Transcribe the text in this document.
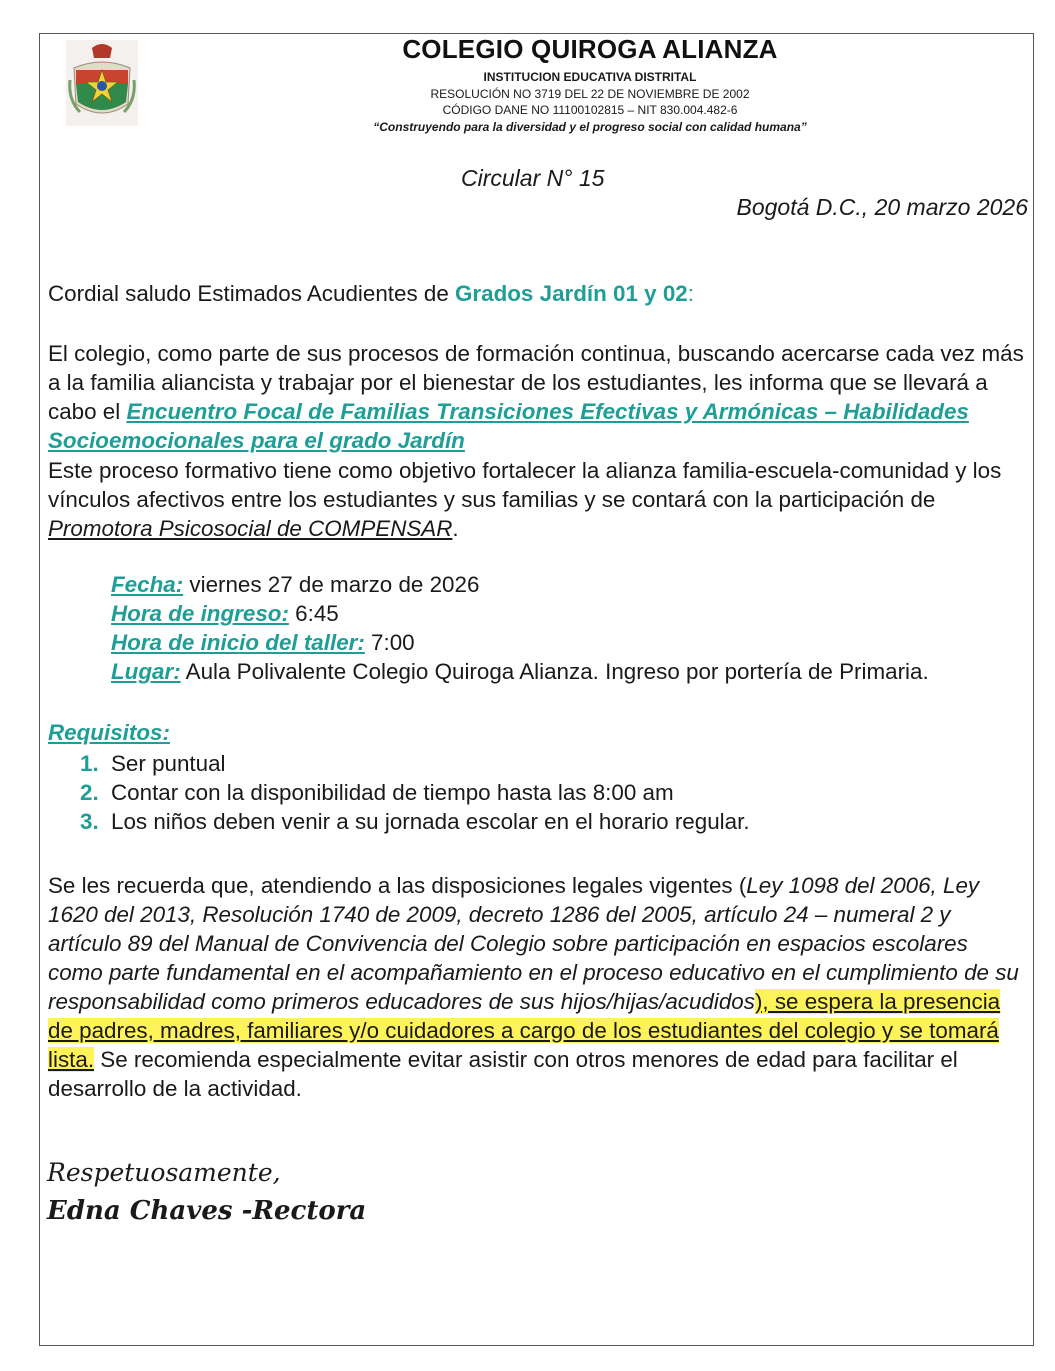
COLEGIO QUIROGA ALIANZA
INSTITUCION EDUCATIVA DISTRITAL
RESOLUCIÓN NO 3719 DEL 22 DE NOVIEMBRE DE 2002
CÓDIGO DANE NO 11100102815 – NIT 830.004.482-6
“Construyendo para la diversidad y el progreso social con calidad humana”
Circular N° 15
Bogotá D.C., 20 marzo 2026
Cordial saludo Estimados Acudientes de Grados Jardín 01 y 02:
El colegio, como parte de sus procesos de formación continua, buscando acercarse cada vez más a la familia aliancista y trabajar por el bienestar de los estudiantes, les informa que se llevará a cabo el Encuentro Focal de Familias Transiciones Efectivas y Armónicas – Habilidades Socioemocionales para el grado Jardín
Este proceso formativo tiene como objetivo fortalecer la alianza familia-escuela-comunidad y los vínculos afectivos entre los estudiantes y sus familias y se contará con la participación de Promotora Psicosocial de COMPENSAR.
Fecha: viernes 27 de marzo de 2026
Hora de ingreso: 6:45
Hora de inicio del taller: 7:00
Lugar: Aula Polivalente Colegio Quiroga Alianza. Ingreso por portería de Primaria.
Requisitos:
1. Ser puntual
2. Contar con la disponibilidad de tiempo hasta las 8:00 am
3. Los niños deben venir a su jornada escolar en el horario regular.
Se les recuerda que, atendiendo a las disposiciones legales vigentes (Ley 1098 del 2006, Ley 1620 del 2013, Resolución 1740 de 2009, decreto 1286 del 2005, artículo 24 – numeral 2 y artículo 89 del Manual de Convivencia del Colegio sobre participación en espacios escolares como parte fundamental en el acompañamiento en el proceso educativo en el cumplimiento de su responsabilidad como primeros educadores de sus hijos/hijas/acudidos), se espera la presencia de padres, madres, familiares y/o cuidadores a cargo de los estudiantes del colegio y se tomará lista. Se recomienda especialmente evitar asistir con otros menores de edad para facilitar el desarrollo de la actividad.
Respetuosamente,
Edna Chaves -Rectora
